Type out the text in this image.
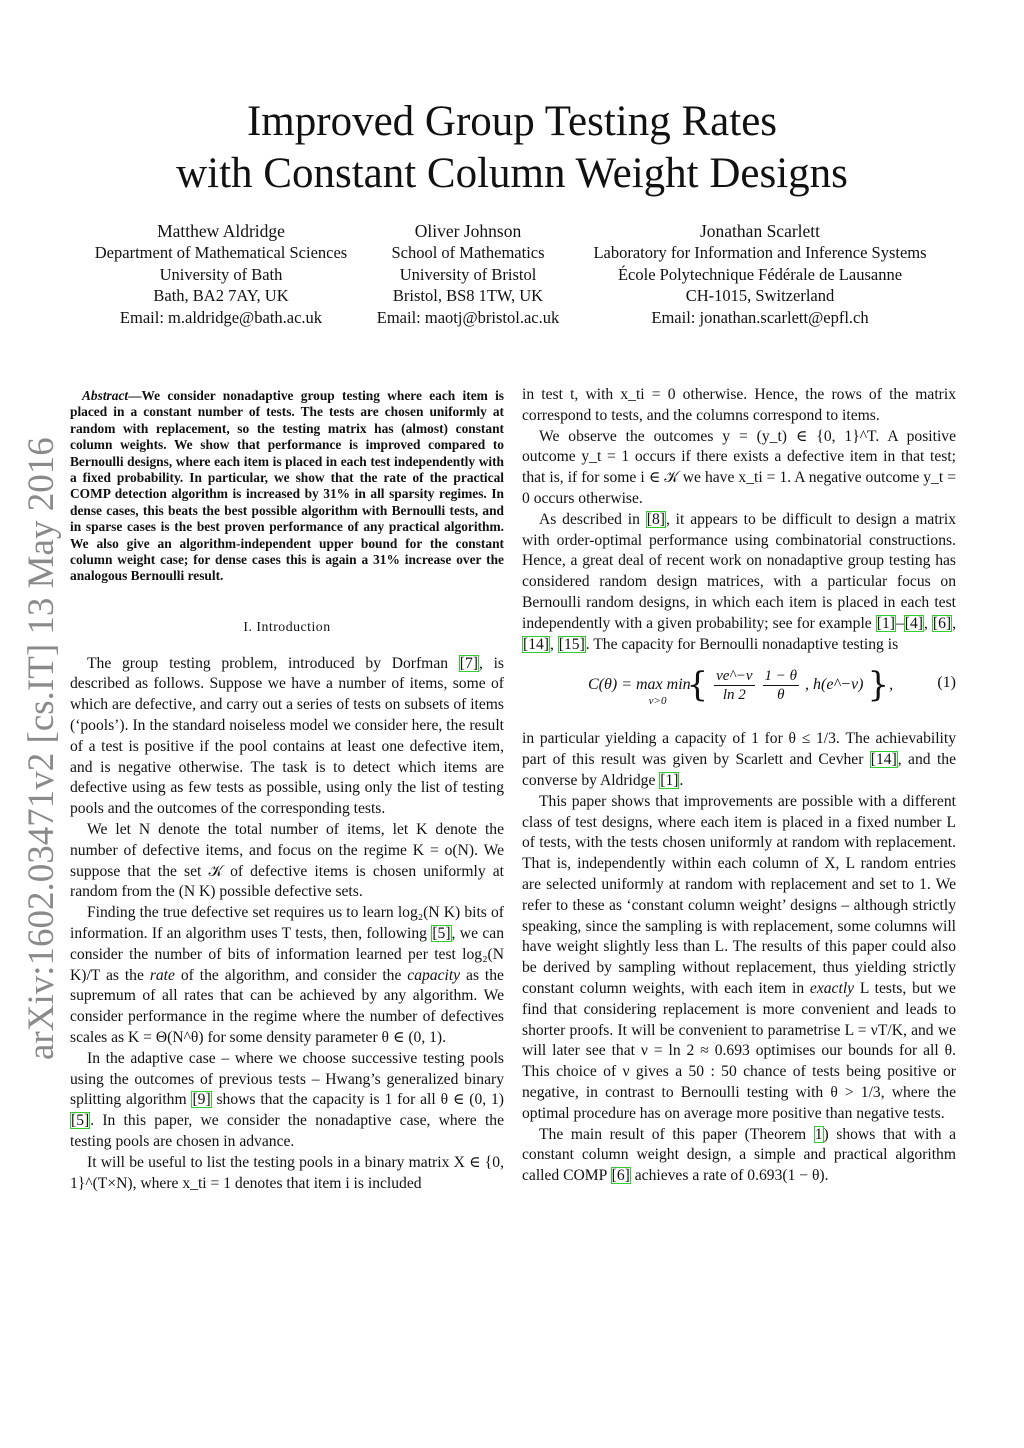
arXiv:1602.03471v2 [cs.IT] 13 May 2016
Improved Group Testing Rates
with Constant Column Weight Designs
Matthew Aldridge
Department of Mathematical Sciences
University of Bath
Bath, BA2 7AY, UK
Email: m.aldridge@bath.ac.uk
Oliver Johnson
School of Mathematics
University of Bristol
Bristol, BS8 1TW, UK
Email: maotj@bristol.ac.uk
Jonathan Scarlett
Laboratory for Information and Inference Systems
École Polytechnique Fédérale de Lausanne
CH-1015, Switzerland
Email: jonathan.scarlett@epfl.ch

Abstract—We consider nonadaptive group testing where each item is placed in a constant number of tests. The tests are chosen uniformly at random with replacement, so the testing matrix has (almost) constant column weights. We show that performance is improved compared to Bernoulli designs, where each item is placed in each test independently with a fixed probability. In particular, we show that the rate of the practical COMP detection algorithm is increased by 31% in all sparsity regimes. In dense cases, this beats the best possible algorithm with Bernoulli tests, and in sparse cases is the best proven performance of any practical algorithm. We also give an algorithm-independent upper bound for the constant column weight case; for dense cases this is again a 31% increase over the analogous Bernoulli result.

I. Introduction

The group testing problem, introduced by Dorfman [7], is described as follows. Suppose we have a number of items, some of which are defective, and carry out a series of tests on subsets of items (‘pools’). In the standard noiseless model we consider here, the result of a test is positive if the pool contains at least one defective item, and is negative otherwise. The task is to detect which items are defective using as few tests as possible, using only the list of testing pools and the outcomes of the corresponding tests.

We let N denote the total number of items, let K denote the number of defective items, and focus on the regime K = o(N). We suppose that the set 𝒦 of defective items is chosen uniformly at random from the (N K) possible defective sets.

Finding the true defective set requires us to learn log₂(N K) bits of information. If an algorithm uses T tests, then, following [5], we can consider the number of bits of information learned per test log₂(N K)/T as the rate of the algorithm, and consider the capacity as the supremum of all rates that can be achieved by any algorithm. We consider performance in the regime where the number of defectives scales as K = Θ(N^θ) for some density parameter θ ∈ (0, 1).

In the adaptive case – where we choose successive testing pools using the outcomes of previous tests – Hwang’s generalized binary splitting algorithm [9] shows that the capacity is 1 for all θ ∈ (0, 1) [5]. In this paper, we consider the nonadaptive case, where the testing pools are chosen in advance.

It will be useful to list the testing pools in a binary matrix X ∈ {0, 1}^(T×N), where x_ti = 1 denotes that item i is included

in test t, with x_ti = 0 otherwise. Hence, the rows of the matrix correspond to tests, and the columns correspond to items.

We observe the outcomes y = (y_t) ∈ {0, 1}^T. A positive outcome y_t = 1 occurs if there exists a defective item in that test; that is, if for some i ∈ 𝒦 we have x_ti = 1. A negative outcome y_t = 0 occurs otherwise.

As described in [8], it appears to be difficult to design a matrix with order-optimal performance using combinatorial constructions. Hence, a great deal of recent work on nonadaptive group testing has considered random design matrices, with a particular focus on Bernoulli random designs, in which each item is placed in each test independently with a given probability; see for example [1]–[4], [6], [14], [15]. The capacity for Bernoulli nonadaptive testing is

C(θ) = max min $_{\nu>0}$ { $\frac{\nu e\^{}-\nu}{\ln 2}$
$\frac{1 - \theta}{\theta}$ , h(e^−ν) },	(1)

in particular yielding a capacity of 1 for θ ≤ 1/3. The achievability part of this result was given by Scarlett and Cevher [14], and the converse by Aldridge [1].

This paper shows that improvements are possible with a different class of test designs, where each item is placed in a fixed number L of tests, with the tests chosen uniformly at random with replacement. That is, independently within each column of X, L random entries are selected uniformly at random with replacement and set to 1. We refer to these as ‘constant column weight’ designs – although strictly speaking, since the sampling is with replacement, some columns will have weight slightly less than L. The results of this paper could also be derived by sampling without replacement, thus yielding strictly constant column weights, with each item in exactly L tests, but we find that considering replacement is more convenient and leads to shorter proofs. It will be convenient to parametrise L = νT/K, and we will later see that ν = ln 2 ≈ 0.693 optimises our bounds for all θ. This choice of ν gives a 50 : 50 chance of tests being positive or negative, in contrast to Bernoulli testing with θ > 1/3, where the optimal procedure has on average more positive than negative tests.

The main result of this paper (Theorem 1) shows that with a constant column weight design, a simple and practical algorithm called COMP [6] achieves a rate of 0.693(1 − θ).
